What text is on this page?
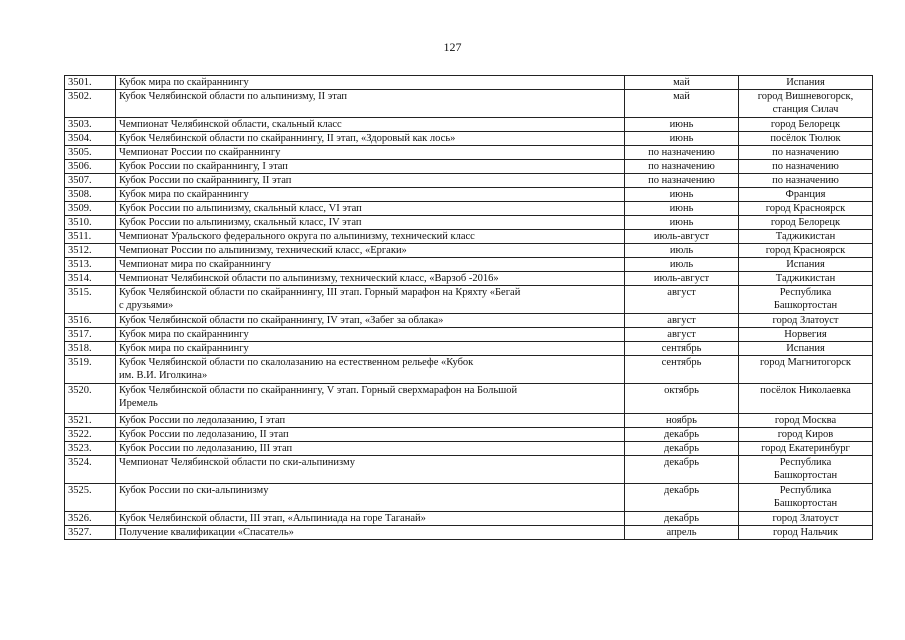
127
3501.	Кубок мира по скайраннингу	май	Испания

3502.	Кубок Челябинской области по альпинизму, II этап	май	город Вишневогорск,
станция Силач

3503.	Чемпионат Челябинской области, скальный класс	июнь	город Белорецк

3504.	Кубок Челябинской области по скайраннингу, II этап, «Здоровый как лось»	июнь	посёлок Тюлюк

3505.	Чемпионат России по скайраннингу	по назначению	по назначению

3506.	Кубок России по скайраннингу, I этап	по назначению	по назначению

3507.	Кубок России по скайраннингу, II этап	по назначению	по назначению

3508.	Кубок мира по скайраннингу	июнь	Франция

3509.	Кубок России по альпинизму, скальный класс, VI этап	июнь	город Красноярск

3510.	Кубок России по альпинизму, скальный класс, IV этап	июнь	город Белорецк

3511.	Чемпионат Уральского федерального округа по альпинизму, технический класс	июль-август	Таджикистан

3512.	Чемпионат России по альпинизму, технический класс, «Ергаки»	июль	город Красноярск

3513.	Чемпионат мира по скайраннингу	июль	Испания

3514.	Чемпионат Челябинской области по альпинизму, технический класс, «Варзоб -2016»	июль-август	Таджикистан

3515.	Кубок Челябинской области по скайраннингу, III этап. Горный марафон на Кряхту «Бегай
с друзьями»	август	Республика
Башкортостан

3516.	Кубок Челябинской области по скайраннингу, IV этап, «Забег за облака»	август	город Златоуст

3517.	Кубок мира по скайраннингу	август	Норвегия

3518.	Кубок мира по скайраннингу	сентябрь	Испания

3519.	Кубок Челябинской области по скалолазанию на естественном рельефе «Кубок
им. В.И. Иголкина»	сентябрь	город Магнитогорск

3520.	Кубок Челябинской области по скайраннингу, V этап. Горный сверхмарафон на Большой
Иремель	октябрь	посёлок Николаевка

3521.	Кубок России по ледолазанию, I этап	ноябрь	город Москва

3522.	Кубок России по ледолазанию, II этап	декабрь	город Киров

3523.	Кубок России по ледолазанию, III этап	декабрь	город Екатеринбург

3524.	Чемпионат Челябинской области по ски-альпинизму	декабрь	Республика
Башкортостан

3525.	Кубок России по ски-альпинизму	декабрь	Республика
Башкортостан

3526.	Кубок Челябинской области, III этап, «Альпиниада на горе Таганай»	декабрь	город Златоуст

3527.	Получение квалификации «Спасатель»	апрель	город Нальчик
